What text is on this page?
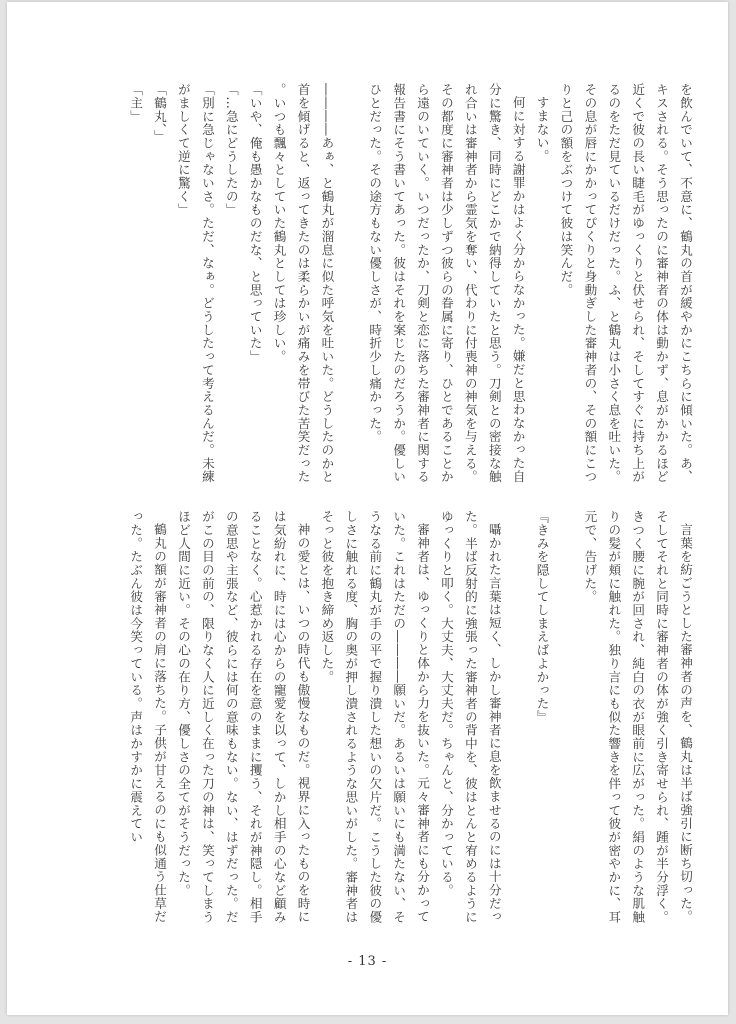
を飲んでいて、不意に、鶴丸の首が緩やかにこちらに傾いた。あ、キスされる。そう思ったのに審神者の体は動かず、息がかかるほど近くで彼の長い睫毛がゆっくりと伏せられ、そしてすぐに持ち上がるのをただ見ているだけだった。ふ、と鶴丸は小さく息を吐いた。その息が唇にかかってぴくりと身動ぎした審神者の、その額にこつりと己の額をぶつけて彼は笑んだ。

すまない。

何に対する謝罪かはよく分からなかった。嫌だと思わなかった自分に驚き、同時にどこかで納得していたと思う。刀剣との密接な触れ合いは審神者から霊気を奪い、代わりに付喪神の神気を与える。その都度に審神者は少しずつ彼らの眷属に寄り、ひとであることから遠のいていく。いつだったか、刀剣と恋に落ちた審神者に関する報告書にそう書いてあった。彼はそれを案じたのだろうか。優しいひとだった。その途方もない優しさが、時折少し痛かった。

――――あぁ、と鶴丸が溜息に似た呼気を吐いた。どうしたのかと首を傾げると、返ってきたのは柔らかいが痛みを帯びた苦笑だった。いつも飄々としていた鶴丸としては珍しい。

「いや、俺も愚かなものだな、と思っていた」

「…急にどうしたの」

「別に急じゃないさ。ただ、なぁ。どうしたって考えるんだ。未練がましくて逆に驚く」

「鶴丸、」

「主」

言葉を紡ごうとした審神者の声を、鶴丸は半ば強引に断ち切った。そしてそれと同時に審神者の体が強く引き寄せられ、踵が半分浮く。きつく腰に腕が回され、純白の衣が眼前に広がった。絹のような肌触りの髪が頬に触れた。独り言にも似た響きを伴って彼が密やかに、耳元で、告げた。

『きみを隠してしまえばよかった』

囁かれた言葉は短く、しかし審神者に息を飲ませるのには十分だった。半ば反射的に強張った審神者の背中を、彼はとんと宥めるようにゆっくりと叩く。大丈夫、大丈夫だ。ちゃんと、分かっている。

審神者は、ゆっくりと体から力を抜いた。元々審神者にも分かっていた。これはただの――――願いだ。あるいは願いにも満たない、そうなる前に鶴丸が手の平で握り潰した想いの欠片だ。こうした彼の優しさに触れる度、胸の奥が押し潰されるような思いがした。審神者はそっと彼を抱き締め返した。

神の愛とは、いつの時代も傲慢なものだ。視界に入ったものを時には気紛れに、時には心からの寵愛を以って、しかし相手の心など顧みることなく。心惹かれる存在を意のままに攫う、それが神隠し。相手の意思や主張など、彼らには何の意味もない。ない、はずだった。だがこの目の前の、限りなく人に近しく在った刀の神は、笑ってしまうほど人間に近い。その心の在り方、優しさの全てがそうだった。

鶴丸の額が審神者の肩に落ちた。子供が甘えるのにも似通う仕草だった。たぶん彼は今笑っている。声はかすかに震えてい

- 13 -
